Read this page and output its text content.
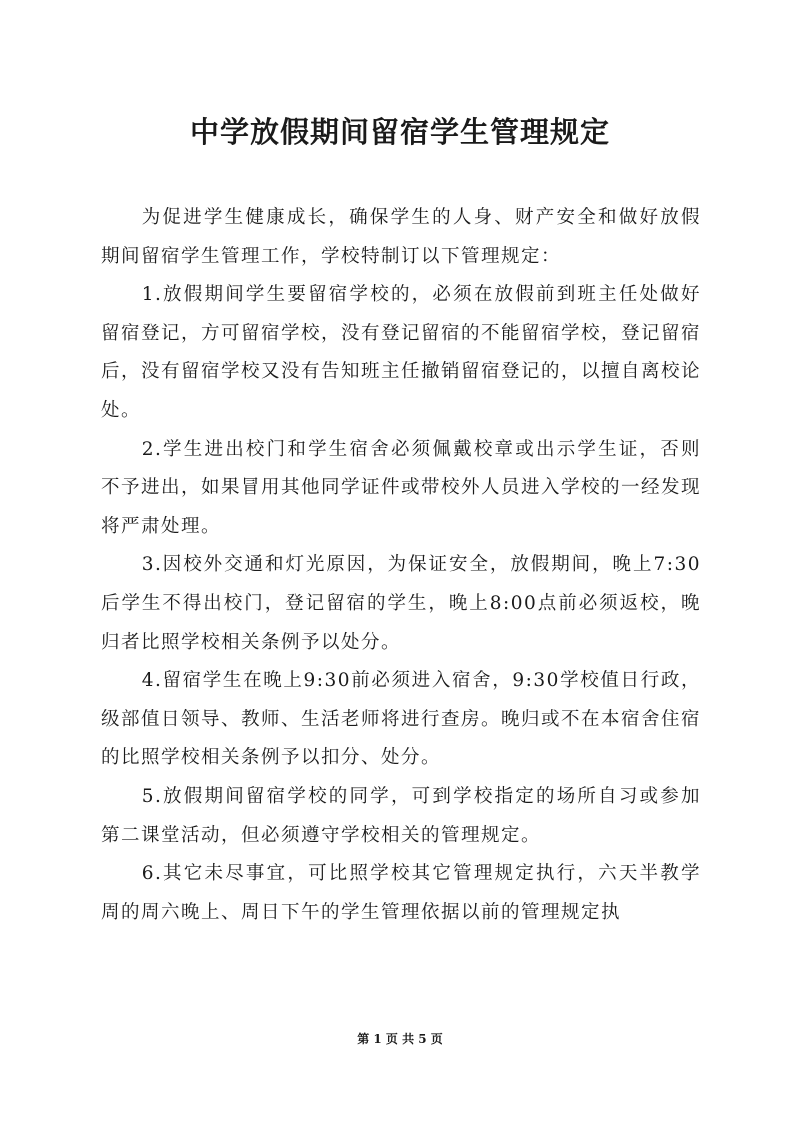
中学放假期间留宿学生管理规定

为促进学生健康成长，确保学生的人身、财产安全和做好放假期间留宿学生管理工作，学校特制订以下管理规定：

1.放假期间学生要留宿学校的，必须在放假前到班主任处做好留宿登记，方可留宿学校，没有登记留宿的不能留宿学校，登记留宿后，没有留宿学校又没有告知班主任撤销留宿登记的，以擅自离校论处。

2.学生进出校门和学生宿舍必须佩戴校章或出示学生证，否则不予进出，如果冒用其他同学证件或带校外人员进入学校的一经发现将严肃处理。

3.因校外交通和灯光原因，为保证安全，放假期间，晚上7:30后学生不得出校门，登记留宿的学生，晚上8:00点前必须返校，晚归者比照学校相关条例予以处分。

4.留宿学生在晚上9:30前必须进入宿舍，9:30学校值日行政，级部值日领导、教师、生活老师将进行查房。晚归或不在本宿舍住宿的比照学校相关条例予以扣分、处分。

5.放假期间留宿学校的同学，可到学校指定的场所自习或参加第二课堂活动，但必须遵守学校相关的管理规定。

6.其它未尽事宜，可比照学校其它管理规定执行，六天半教学周的周六晚上、周日下午的学生管理依据以前的管理规定执

第 1 页 共 5 页
